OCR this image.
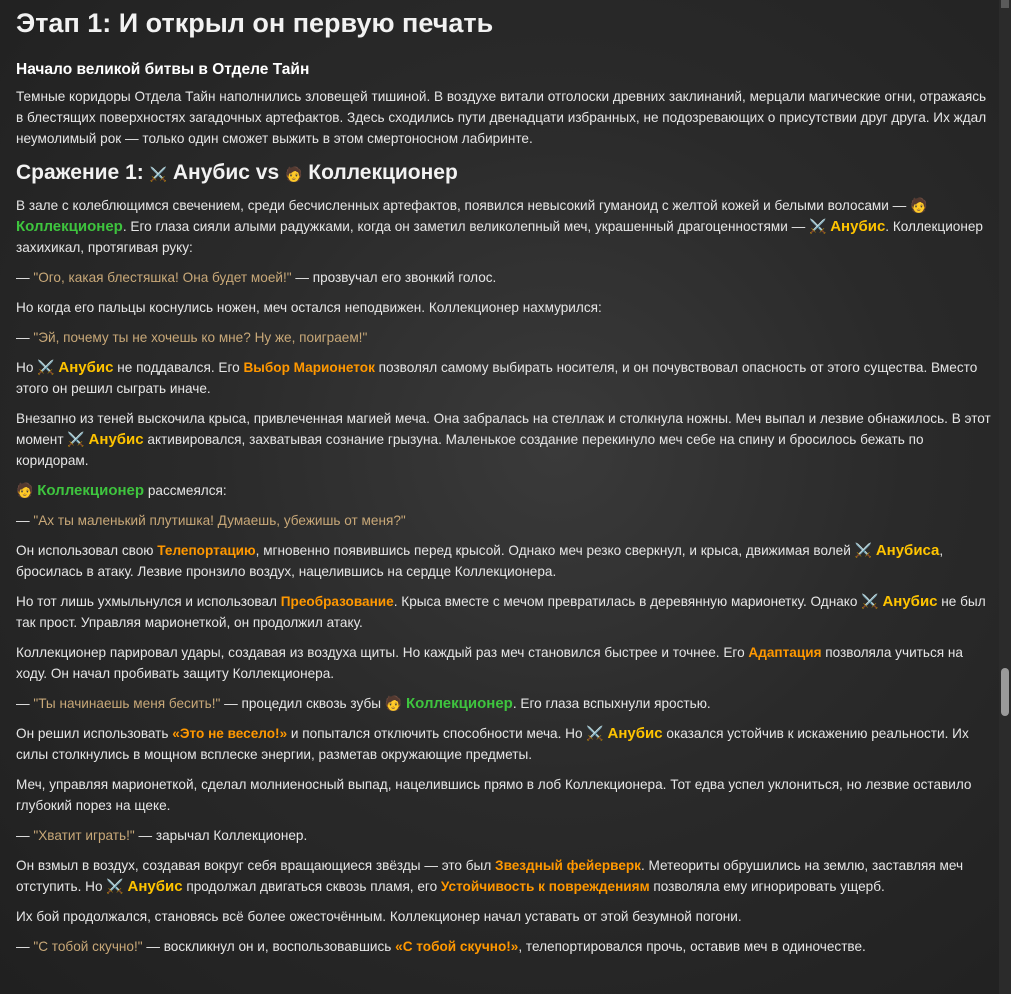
Этап 1: И открыл он первую печать
Начало великой битвы в Отделе Тайн

Темные коридоры Отдела Тайн наполнились зловещей тишиной. В воздухе витали отголоски древних заклинаний, мерцали магические огни, отражаясь в блестящих поверхностях загадочных артефактов. Здесь сходились пути двенадцати избранных, не подозревающих о присутствии друг друга. Их ждал неумолимый рок — только один сможет выжить в этом смертоносном лабиринте.

Сражение 1: ⚔️ Анубис vs 🧑 Коллекционер

В зале с колеблющимся свечением, среди бесчисленных артефактов, появился невысокий гуманоид с желтой кожей и белыми волосами — 🧑 Коллекционер. Его глаза сияли алыми радужками, когда он заметил великолепный меч, украшенный драгоценностями — ⚔️ Анубис. Коллекционер захихикал, протягивая руку:

— "Ого, какая блестяшка! Она будет моей!" — прозвучал его звонкий голос.

Но когда его пальцы коснулись ножен, меч остался неподвижен. Коллекционер нахмурился:

— "Эй, почему ты не хочешь ко мне? Ну же, поиграем!"

Но ⚔️ Анубис не поддавался. Его Выбор Марионеток позволял самому выбирать носителя, и он почувствовал опасность от этого существа. Вместо этого он решил сыграть иначе.

Внезапно из теней выскочила крыса, привлеченная магией меча. Она забралась на стеллаж и столкнула ножны. Меч выпал и лезвие обнажилось. В этот момент ⚔️ Анубис активировался, захватывая сознание грызуна. Маленькое создание перекинуло меч себе на спину и бросилось бежать по коридорам.

🧑 Коллекционер рассмеялся:

— "Ах ты маленький плутишка! Думаешь, убежишь от меня?"

Он использовал свою Телепортацию, мгновенно появившись перед крысой. Однако меч резко сверкнул, и крыса, движимая волей ⚔️ Анубиса, бросилась в атаку. Лезвие пронзило воздух, нацелившись на сердце Коллекционера.

Но тот лишь ухмыльнулся и использовал Преобразование. Крыса вместе с мечом превратилась в деревянную марионетку. Однако ⚔️ Анубис не был так прост. Управляя марионеткой, он продолжил атаку.

Коллекционер парировал удары, создавая из воздуха щиты. Но каждый раз меч становился быстрее и точнее. Его Адаптация позволяла учиться на ходу. Он начал пробивать защиту Коллекционера.

— "Ты начинаешь меня бесить!" — процедил сквозь зубы 🧑 Коллекционер. Его глаза вспыхнули яростью.

Он решил использовать «Это не весело!» и попытался отключить способности меча. Но ⚔️ Анубис оказался устойчив к искажению реальности. Их силы столкнулись в мощном всплеске энергии, разметав окружающие предметы.

Меч, управляя марионеткой, сделал молниеносный выпад, нацелившись прямо в лоб Коллекционера. Тот едва успел уклониться, но лезвие оставило глубокий порез на щеке.

— "Хватит играть!" — зарычал Коллекционер.

Он взмыл в воздух, создавая вокруг себя вращающиеся звёзды — это был Звездный фейерверк. Метеориты обрушились на землю, заставляя меч отступить. Но ⚔️ Анубис продолжал двигаться сквозь пламя, его Устойчивость к повреждениям позволяла ему игнорировать ущерб.

Их бой продолжался, становясь всё более ожесточённым. Коллекционер начал уставать от этой безумной погони.

— "С тобой скучно!" — воскликнул он и, воспользовавшись «С тобой скучно!», телепортировался прочь, оставив меч в одиночестве.
